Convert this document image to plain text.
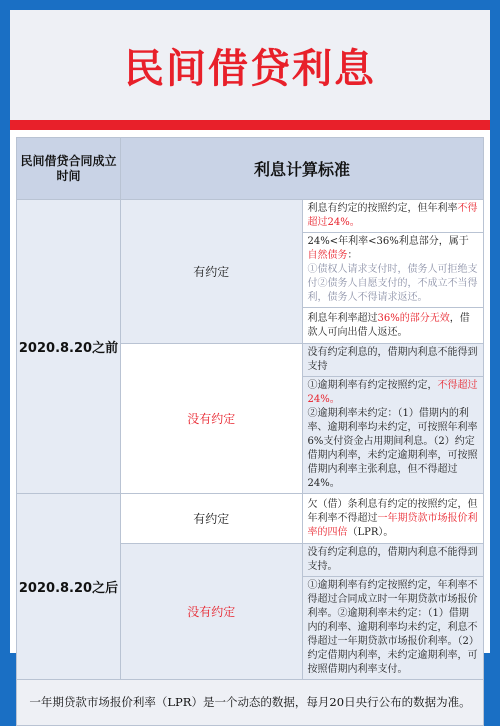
民间借贷利息
民间借贷合同成立时间	利息计算标准	
2020.8.20之前	有约定	利息有约定的按照约定，但年利率不得超过24%。
		24%<年利率<36%利息部分，属于自然债务：
①债权人请求支付时，债务人可拒绝支付②债务人自愿支付的，不成立不当得利，债务人不得请求返还。
		利息年利率超过36%的部分无效，借款人可向出借人返还。
	没有约定	没有约定利息的，借期内利息不能得到支持
		①逾期利率有约定按照约定，不得超过24%。
②逾期利率未约定：（1）借期内的利率、逾期利率均未约定，可按照年利率6%支付资金占用期间利息。（2）约定借期内利率，未约定逾期利率，可按照借期内利率主张利息，但不得超过24%。
2020.8.20之后	有约定	欠（借）条利息有约定的按照约定，但年利率不得超过一年期贷款市场报价利率的四倍（LPR）。
	没有约定	没有约定利息的，借期内利息不能得到支持。
		①逾期利率有约定按照约定，年利率不得超过合同成立时一年期贷款市场报价利率。②逾期利率未约定：（1）借期内的利率、逾期利率均未约定，利息不得超过一年期贷款市场报价利率。（2）约定借期内利率，未约定逾期利率，可按照借期内利率支付。
一年期贷款市场报价利率（LPR）是一个动态的数据，每月20日央行公布的数据为准。		
